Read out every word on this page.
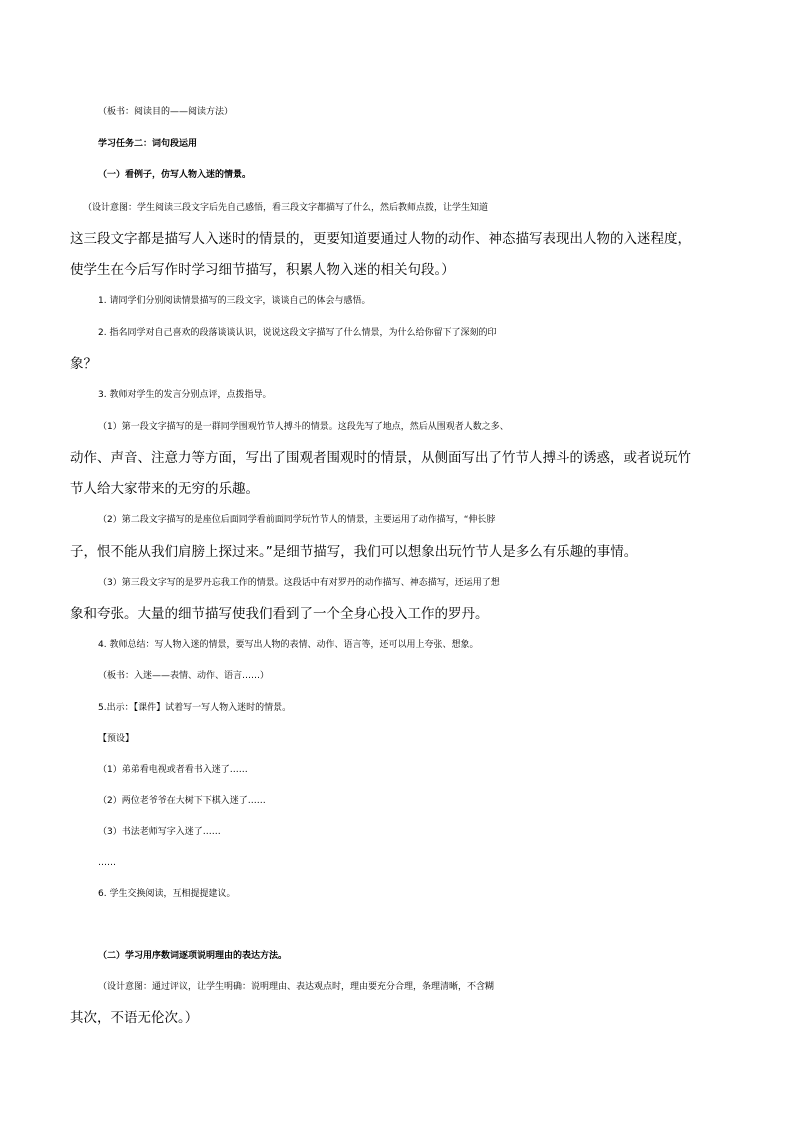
（板书：阅读目的——阅读方法）
学习任务二：词句段运用
（一）看例子，仿写人物入迷的情景。
（设计意图：学生阅读三段文字后先自己感悟，看三段文字都描写了什么，然后教师点拨，让学生知道
这三段文字都是描写人入迷时的情景的，更要知道要通过人物的动作、神态描写表现出人物的入迷程度，
使学生在今后写作时学习细节描写，积累人物入迷的相关句段。）
1. 请同学们分别阅读情景描写的三段文字，谈谈自己的体会与感悟。
2. 指名同学对自己喜欢的段落谈谈认识，说说这段文字描写了什么情景，为什么给你留下了深刻的印
象？
3. 教师对学生的发言分别点评，点拨指导。
（1）第一段文字描写的是一群同学围观竹节人搏斗的情景。这段先写了地点，然后从围观者人数之多、
动作、声音、注意力等方面，写出了围观者围观时的情景，从侧面写出了竹节人搏斗的诱惑，或者说玩竹
节人给大家带来的无穷的乐趣。
（2）第二段文字描写的是座位后面同学看前面同学玩竹节人的情景，主要运用了动作描写，“伸长脖
子，恨不能从我们肩膀上探过来。”是细节描写，我们可以想象出玩竹节人是多么有乐趣的事情。
（3）第三段文字写的是罗丹忘我工作的情景。这段话中有对罗丹的动作描写、神态描写，还运用了想
象和夸张。大量的细节描写使我们看到了一个全身心投入工作的罗丹。
4. 教师总结：写人物入迷的情景，要写出人物的表情、动作、语言等，还可以用上夸张、想象。
（板书：入迷——表情、动作、语言……）
5.出示：【课件】试着写一写人物入迷时的情景。
【预设】
（1）弟弟看电视或者看书入迷了……
（2）两位老爷爷在大树下下棋入迷了……
（3）书法老师写字入迷了……
……
6. 学生交换阅读，互相提提建议。
（二）学习用序数词逐项说明理由的表达方法。
（设计意图：通过评议，让学生明确：说明理由、表达观点时，理由要充分合理，条理清晰，不含糊
其次，不语无伦次。）
